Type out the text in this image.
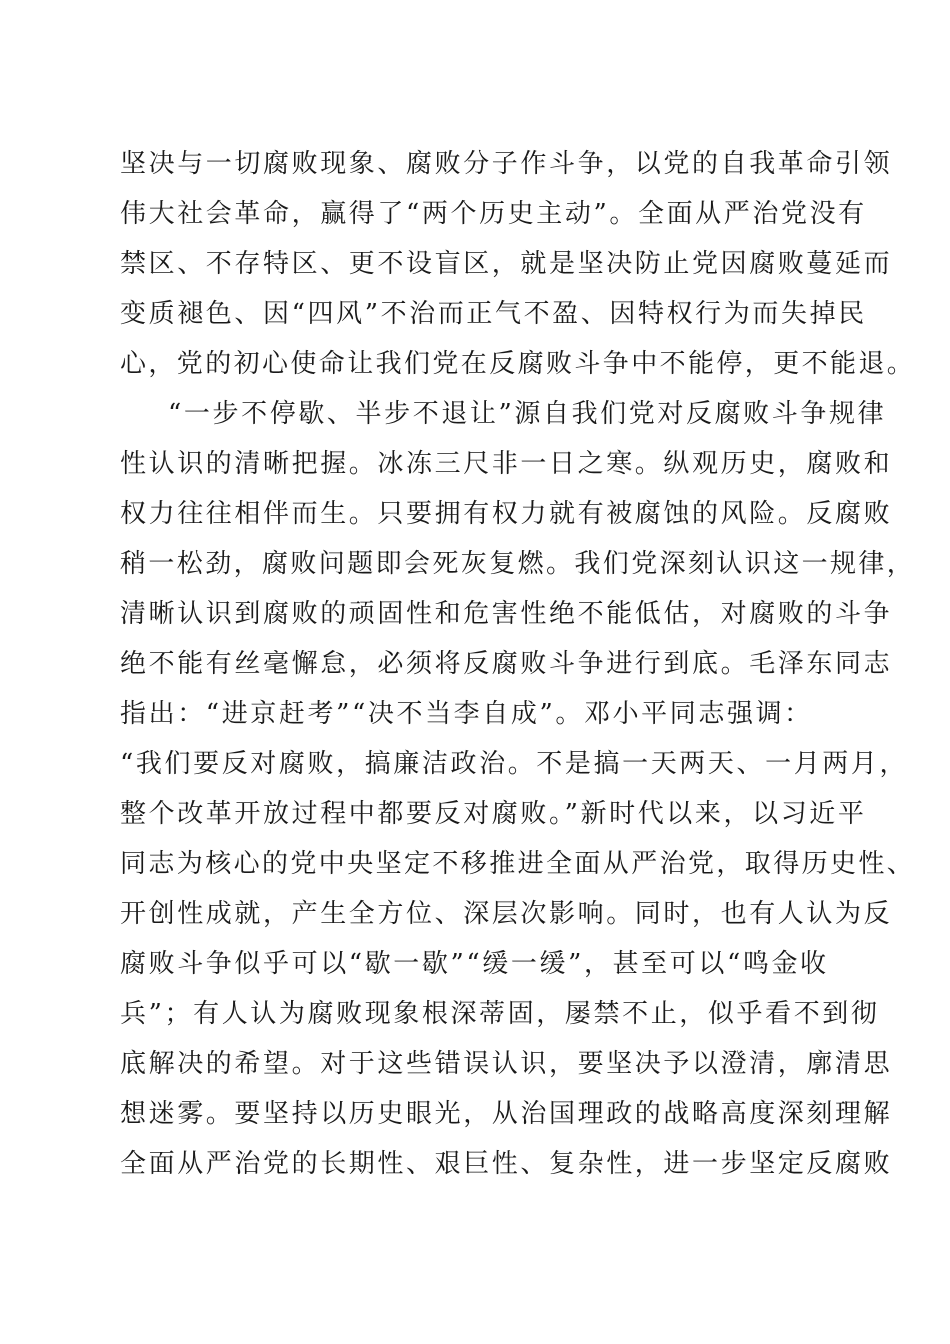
坚决与一切腐败现象、腐败分子作斗争，以党的自我革命引领
伟大社会革命，赢得了“两个历史主动”。全面从严治党没有
禁区、不存特区、更不设盲区，就是坚决防止党因腐败蔓延而
变质褪色、因“四风”不治而正气不盈、因特权行为而失掉民
心，党的初心使命让我们党在反腐败斗争中不能停，更不能退。
“一步不停歇、半步不退让”源自我们党对反腐败斗争规律
性认识的清晰把握。冰冻三尺非一日之寒。纵观历史，腐败和
权力往往相伴而生。只要拥有权力就有被腐蚀的风险。反腐败
稍一松劲，腐败问题即会死灰复燃。我们党深刻认识这一规律，
清晰认识到腐败的顽固性和危害性绝不能低估，对腐败的斗争
绝不能有丝毫懈怠，必须将反腐败斗争进行到底。毛泽东同志
指出：“进京赶考”“决不当李自成”。邓小平同志强调：
“我们要反对腐败，搞廉洁政治。不是搞一天两天、一月两月，
整个改革开放过程中都要反对腐败。”新时代以来，以习近平
同志为核心的党中央坚定不移推进全面从严治党，取得历史性、
开创性成就，产生全方位、深层次影响。同时，也有人认为反
腐败斗争似乎可以“歇一歇”“缓一缓”，甚至可以“鸣金收
兵”；有人认为腐败现象根深蒂固，屡禁不止，似乎看不到彻
底解决的希望。对于这些错误认识，要坚决予以澄清，廓清思
想迷雾。要坚持以历史眼光，从治国理政的战略高度深刻理解
全面从严治党的长期性、艰巨性、复杂性，进一步坚定反腐败
